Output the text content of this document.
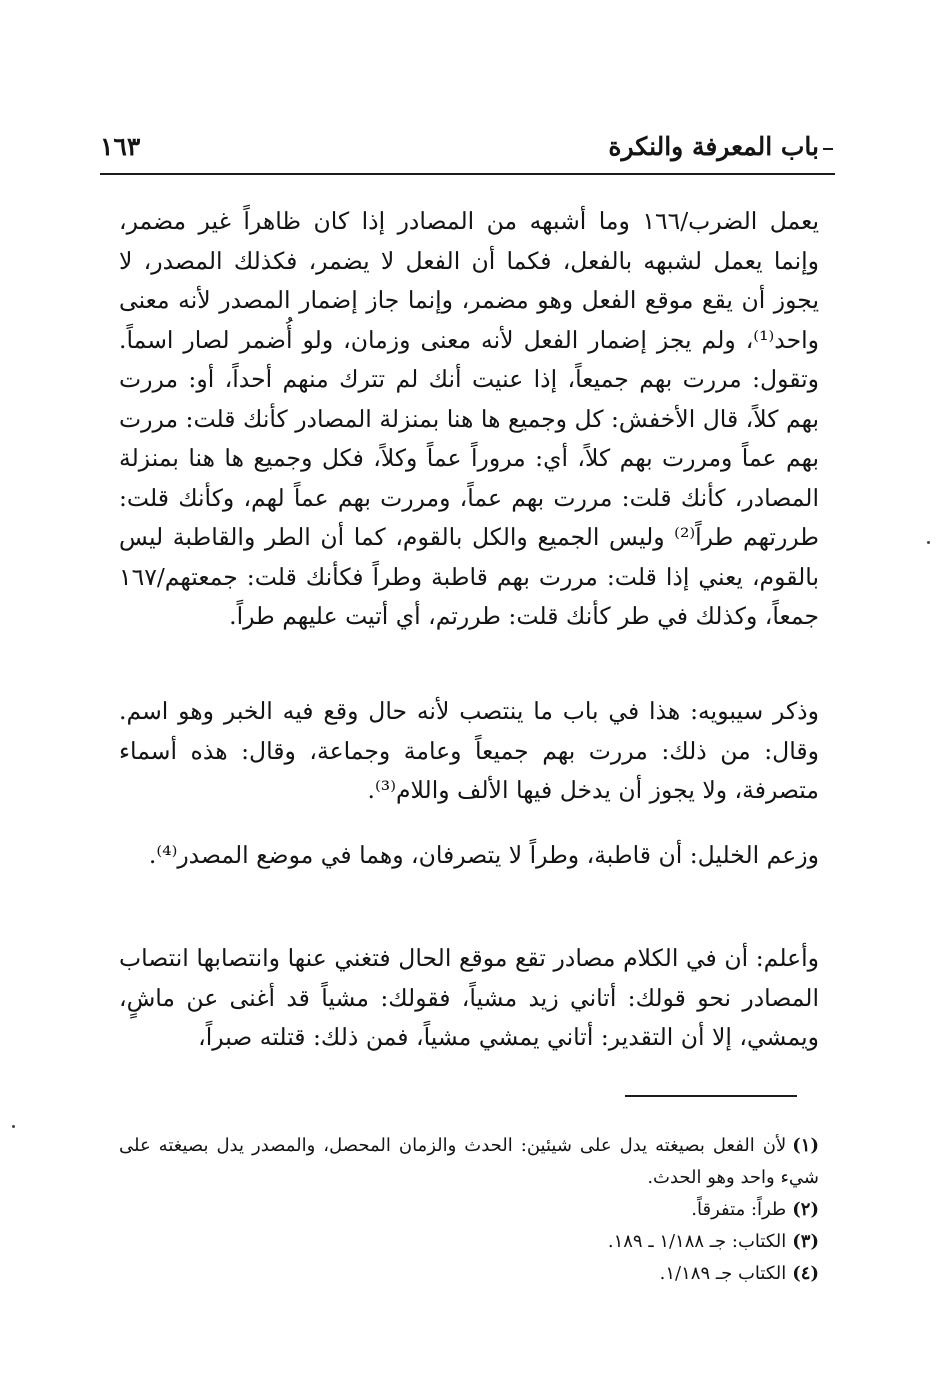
باب المعرفة والنكرة
١٦٣

يعمل الضرب/١٦٦ وما أشبهه من المصادر إذا كان ظاهراً غير مضمر، وإنما يعمل لشبهه بالفعل، فكما أن الفعل لا يضمر، فكذلك المصدر، لا يجوز أن يقع موقع الفعل وهو مضمر، وإنما جاز إضمار المصدر لأنه معنى واحد⁽¹⁾، ولم يجز إضمار الفعل لأنه معنى وزمان، ولو أُضمر لصار اسماً. وتقول: مررت بهم جميعاً، إذا عنيت أنك لم تترك منهم أحداً، أو: مررت بهم كلاً، قال الأخفش: كل وجميع ها هنا بمنزلة المصادر كأنك قلت: مررت بهم عماً ومررت بهم كلاً، أي: مروراً عماً وكلاً، فكل وجميع ها هنا بمنزلة المصادر، كأنك قلت: مررت بهم عماً، ومررت بهم عماً لهم، وكأنك قلت: طررتهم طراً⁽²⁾ وليس الجميع والكل بالقوم، كما أن الطر والقاطبة ليس بالقوم، يعني إذا قلت: مررت بهم قاطبة وطراً فكأنك قلت: جمعتهم/١٦٧ جمعاً، وكذلك في طر كأنك قلت: طررتم، أي أتيت عليهم طراً.

وذكر سيبويه: هذا في باب ما ينتصب لأنه حال وقع فيه الخبر وهو اسم. وقال: من ذلك: مررت بهم جميعاً وعامة وجماعة، وقال: هذه أسماء متصرفة، ولا يجوز أن يدخل فيها الألف واللام⁽³⁾.

وزعم الخليل: أن قاطبة، وطراً لا يتصرفان، وهما في موضع المصدر⁽⁴⁾.

وأعلم: أن في الكلام مصادر تقع موقع الحال فتغني عنها وانتصابها انتصاب المصادر نحو قولك: أتاني زيد مشياً، فقولك: مشياً قد أغنى عن ماشٍ، ويمشي، إلا أن التقدير: أتاني يمشي مشياً، فمن ذلك: قتلته صبراً،

(١)لأن الفعل بصيغته يدل على شيئين: الحدث والزمان المحصل، والمصدر يدل بصيغته على شيء واحد وهو الحدث.
(٢)طراً: متفرقاً.
(٣)الكتاب: جـ ١/١٨٨ ـ ١٨٩.
(٤)الكتاب جـ ١/١٨٩.
